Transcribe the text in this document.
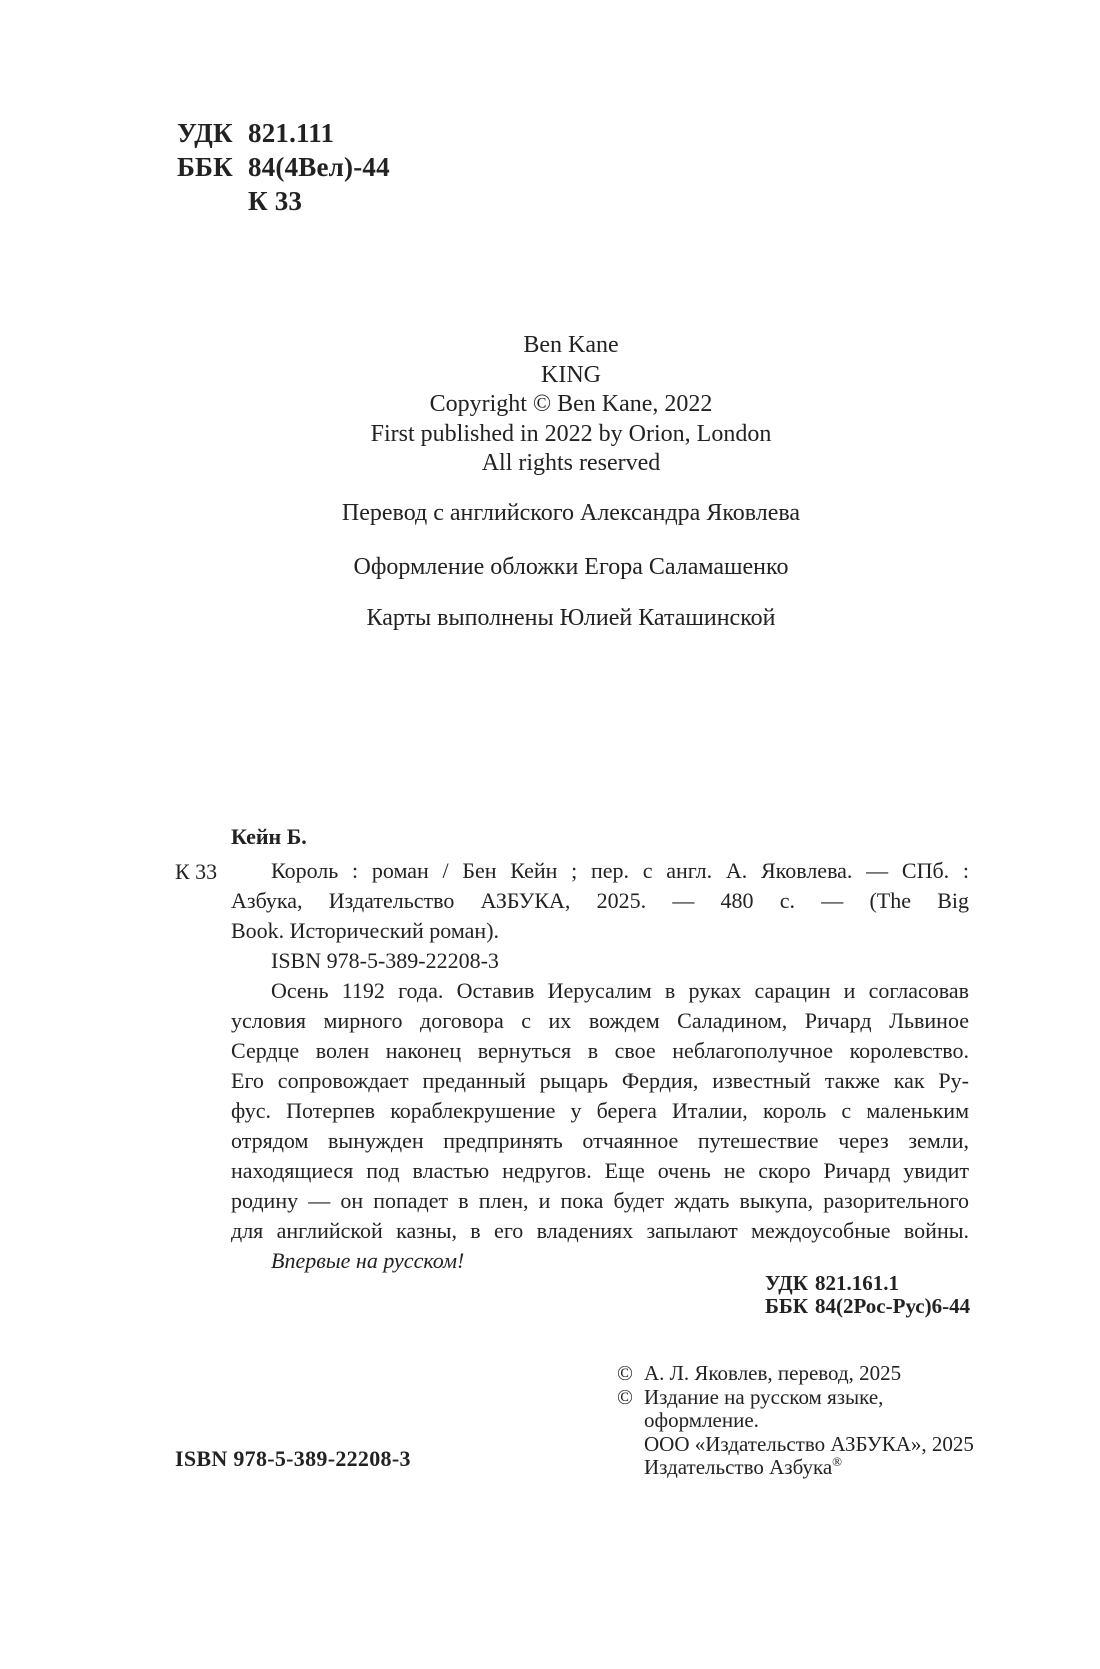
УДК 821.111
ББК 84(4Вел)-44
К 33
Ben Kane
KING
Copyright © Ben Kane, 2022
First published in 2022 by Orion, London
All rights reserved
Перевод с английского Александра Яковлева
Оформление обложки Егора Саламашенко
Карты выполнены Юлией Каташинской
Кейн Б.
К 33	Король : роман / Бен Кейн ; пер. с англ. А. Яковлева. — СПб. :
Азбука, Издательство АЗБУКА, 2025. — 480 с. — (The Big
Book. Исторический роман).
ISBN 978-5-389-22208-3
Осень 1192 года. Оставив Иерусалим в руках сарацин и согласовав
условия мирного договора с их вождем Саладином, Ричард Львиное
Сердце волен наконец вернуться в свое неблагополучное королевство.
Его сопровождает преданный рыцарь Фердия, известный также как Ру-
фус. Потерпев кораблекрушение у берега Италии, король с маленьким
отрядом вынужден предпринять отчаянное путешествие через земли,
находящиеся под властью недругов. Еще очень не скоро Ричард увидит
родину — он попадет в плен, и пока будет ждать выкупа, разорительного
для английской казны, в его владениях запылают междоусобные войны.
Впервые на русском!
УДК 821.161.1
ББК 84(2Рос-Рус)6-44
© А. Л. Яковлев, перевод, 2025
© Издание на русском языке,
оформление.
ООО «Издательство АЗБУКА», 2025
Издательство Азбука®
ISBN 978-5-389-22208-3
